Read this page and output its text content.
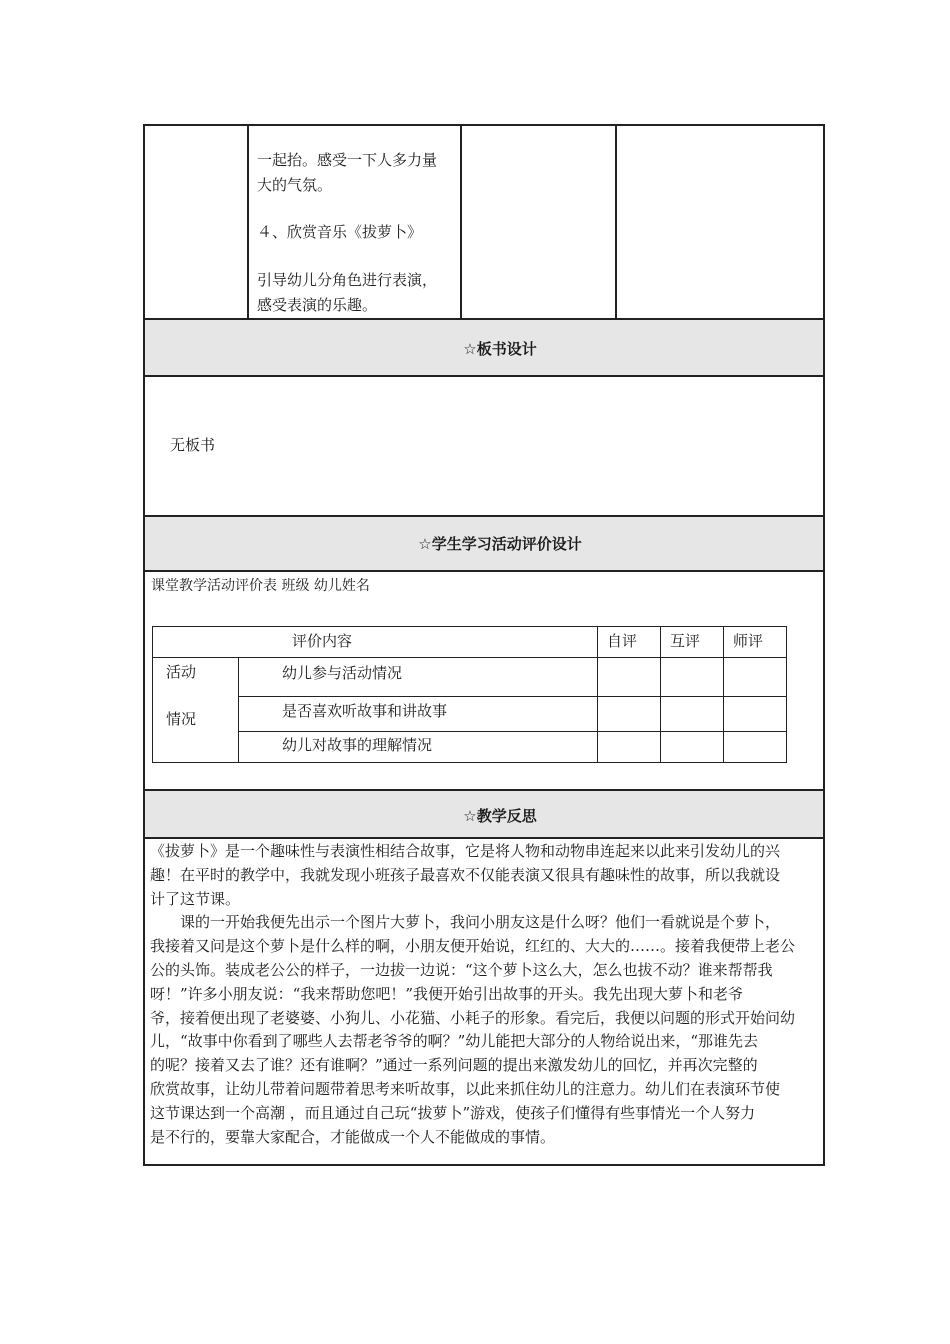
一起抬。感受一下人多力量
大的气氛。
４、欣赏音乐《拔萝卜》
引导幼儿分角色进行表演，
感受表演的乐趣。
☆板书设计
无板书
☆学生学习活动评价设计
课堂教学活动评价表 班级 幼儿姓名
评价内容	自评 互评 师评
活动
情况
幼儿参与活动情况
是否喜欢听故事和讲故事
幼儿对故事的理解情况
☆教学反思

《拔萝卜》是一个趣味性与表演性相结合故事，它是将人物和动物串连起来以此来引发幼儿的兴

趣！在平时的教学中，我就发现小班孩子最喜欢不仅能表演又很具有趣味性的故事，所以我就设

计了这节课。

课的一开始我便先出示一个图片大萝卜，我问小朋友这是什么呀？他们一看就说是个萝卜，

我接着又问是这个萝卜是什么样的啊，小朋友便开始说，红红的、大大的……。接着我便带上老公

公的头饰。装成老公公的样子，一边拔一边说：“这个萝卜这么大，怎么也拔不动？谁来帮帮我

呀！”许多小朋友说：“我来帮助您吧！”我便开始引出故事的开头。我先出现大萝卜和老爷

爷，接着便出现了老婆婆、小狗儿、小花猫、小耗子的形象。看完后，我便以问题的形式开始问幼

儿，“故事中你看到了哪些人去帮老爷爷的啊？”幼儿能把大部分的人物给说出来，“那谁先去

的呢？接着又去了谁？还有谁啊？”通过一系列问题的提出来激发幼儿的回忆，并再次完整的

欣赏故事，让幼儿带着问题带着思考来听故事，以此来抓住幼儿的注意力。幼儿们在表演环节使

这节课达到一个高潮 ，而且通过自己玩“拔萝卜”游戏，使孩子们懂得有些事情光一个人努力

是不行的，要靠大家配合，才能做成一个人不能做成的事情。
